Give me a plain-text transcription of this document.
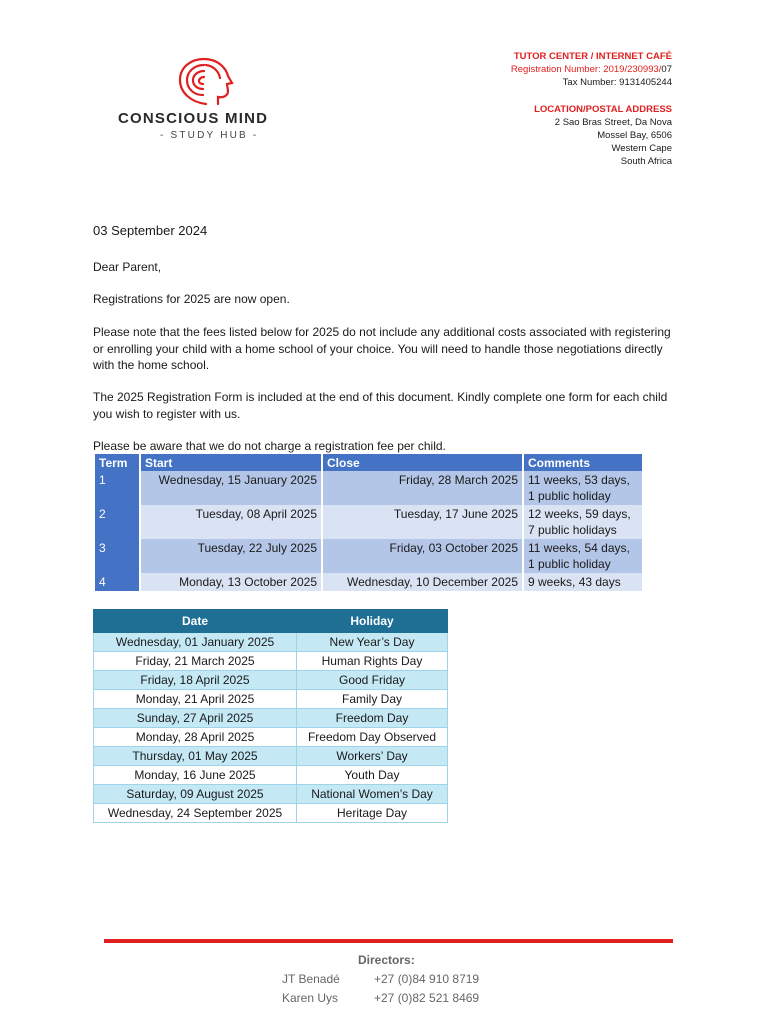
CONSCIOUS MIND
- STUDY HUB -
TUTOR CENTER / INTERNET CAFÉ
Registration Number: 2019/230993/07
Tax Number: 9131405244
LOCATION/POSTAL ADDRESS
2 Sao Bras Street, Da Nova
Mossel Bay, 6506
Western Cape
South Africa
03 September 2024
Dear Parent,
Registrations for 2025 are now open.
Please note that the fees listed below for 2025 do not include any additional costs associated with registering or enrolling your child with a home school of your choice. You will need to handle those negotiations directly with the home school.
The 2025 Registration Form is included at the end of this document. Kindly complete one form for each child you wish to register with us.
Please be aware that we do not charge a registration fee per child.
Term	Start	Close	Comments
1	Wednesday, 15 January 2025	Friday, 28 March 2025	11 weeks, 53 days, 1 public holiday
2	Tuesday, 08 April 2025	Tuesday, 17 June 2025	12 weeks, 59 days, 7 public holidays
3	Tuesday, 22 July 2025	Friday, 03 October 2025	11 weeks, 54 days, 1 public holiday
4	Monday, 13 October 2025	Wednesday, 10 December 2025	9 weeks, 43 days
Date	Holiday
Wednesday, 01 January 2025	New Year’s Day
Friday, 21 March 2025	Human Rights Day
Friday, 18 April 2025	Good Friday
Monday, 21 April 2025	Family Day
Sunday, 27 April 2025	Freedom Day
Monday, 28 April 2025	Freedom Day Observed
Thursday, 01 May 2025	Workers’ Day
Monday, 16 June 2025	Youth Day
Saturday, 09 August 2025	National Women’s Day
Wednesday, 24 September 2025	Heritage Day
Directors:
JT Benadé	+27 (0)84 910 8719
Karen Uys	+27 (0)82 521 8469
